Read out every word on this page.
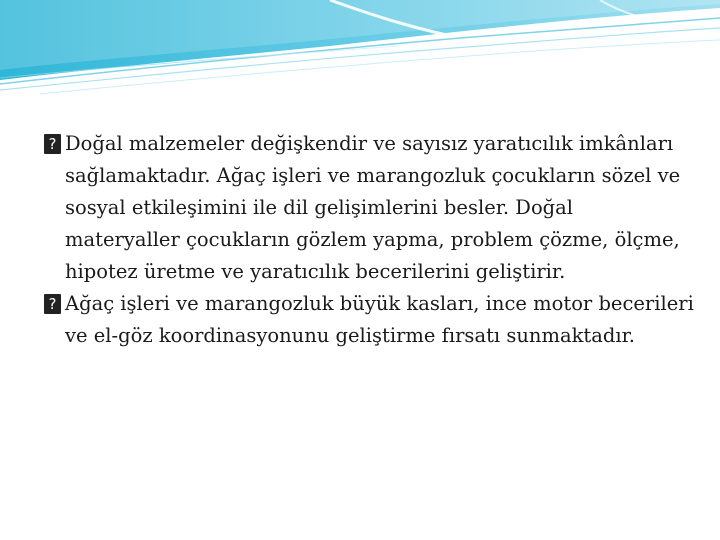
? Doğal malzemeler değişkendir ve sayısız yaratıcılık imkânları sağlamaktadır. Ağaç işleri ve marangozluk çocukların sözel ve sosyal etkileşimini ile dil gelişimlerini besler. Doğal materyaller çocukların gözlem yapma, problem çözme, ölçme, hipotez üretme ve yaratıcılık becerilerini geliştirir.

? Ağaç işleri ve marangozluk büyük kasları, ince motor becerileri ve el-göz koordinasyonunu geliştirme fırsatı sunmaktadır.
